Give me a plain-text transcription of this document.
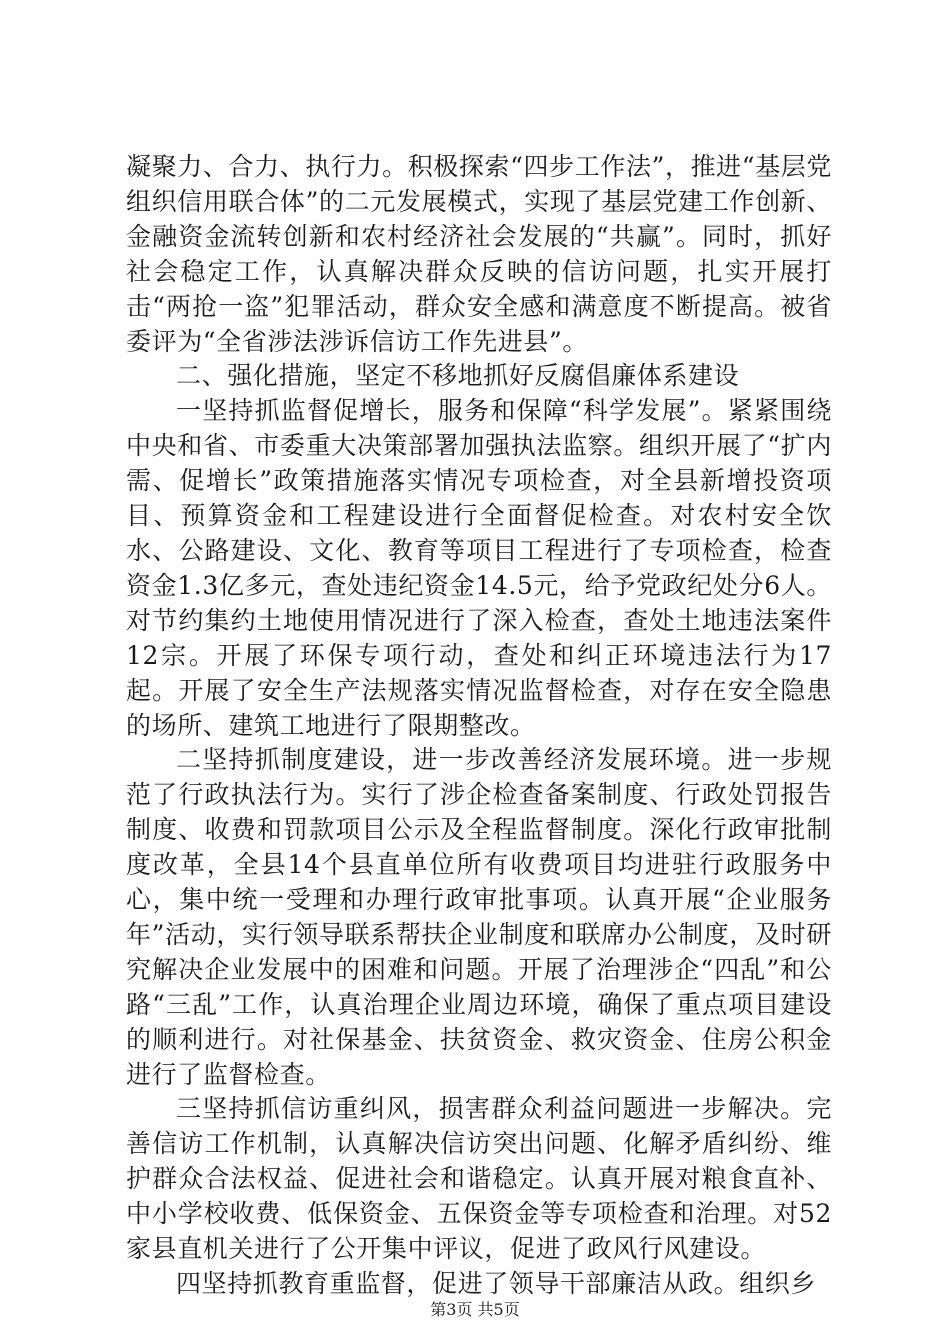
凝聚力、合力、执行力。积极探索“四步工作法”，推进“基层党组织信用联合体”的二元发展模式，实现了基层党建工作创新、金融资金流转创新和农村经济社会发展的“共赢”。同时，抓好社会稳定工作，认真解决群众反映的信访问题，扎实开展打击“两抢一盗”犯罪活动，群众安全感和满意度不断提高。被省委评为“全省涉法涉诉信访工作先进县”。

二、强化措施，坚定不移地抓好反腐倡廉体系建设

一坚持抓监督促增长，服务和保障“科学发展”。紧紧围绕中央和省、市委重大决策部署加强执法监察。组织开展了“扩内需、促增长”政策措施落实情况专项检查，对全县新增投资项目、预算资金和工程建设进行全面督促检查。对农村安全饮水、公路建设、文化、教育等项目工程进行了专项检查，检查资金1.3亿多元，查处违纪资金14.5元，给予党政纪处分6人。对节约集约土地使用情况进行了深入检查，查处土地违法案件12宗。开展了环保专项行动，查处和纠正环境违法行为17起。开展了安全生产法规落实情况监督检查，对存在安全隐患的场所、建筑工地进行了限期整改。

二坚持抓制度建设，进一步改善经济发展环境。进一步规范了行政执法行为。实行了涉企检查备案制度、行政处罚报告制度、收费和罚款项目公示及全程监督制度。深化行政审批制度改革，全县14个县直单位所有收费项目均进驻行政服务中心，集中统一受理和办理行政审批事项。认真开展“企业服务年”活动，实行领导联系帮扶企业制度和联席办公制度，及时研究解决企业发展中的困难和问题。开展了治理涉企“四乱”和公路“三乱”工作，认真治理企业周边环境，确保了重点项目建设的顺利进行。对社保基金、扶贫资金、救灾资金、住房公积金进行了监督检查。

三坚持抓信访重纠风，损害群众利益问题进一步解决。完善信访工作机制，认真解决信访突出问题、化解矛盾纠纷、维护群众合法权益、促进社会和谐稳定。认真开展对粮食直补、中小学校收费、低保资金、五保资金等专项检查和治理。对52家县直机关进行了公开集中评议，促进了政风行风建设。

四坚持抓教育重监督，促进了领导干部廉洁从政。组织乡

第3页 共5页
